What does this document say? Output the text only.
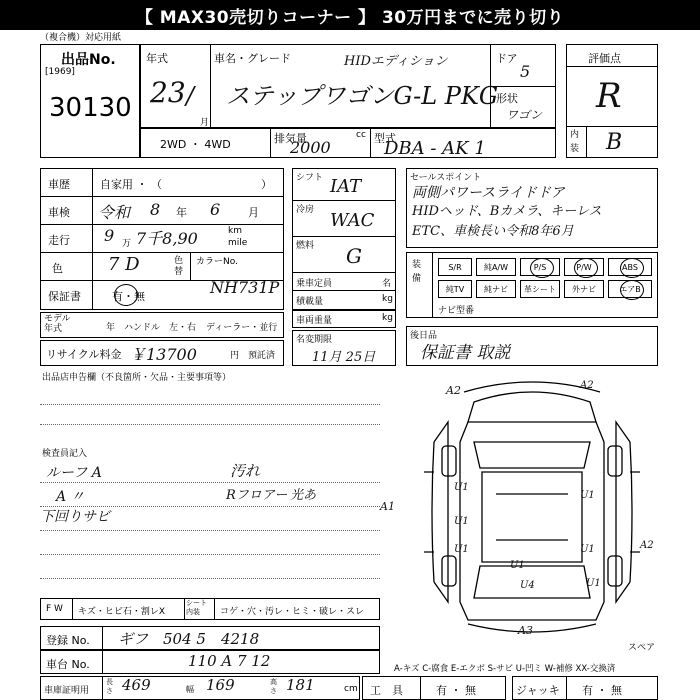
【 MAX30売切りコーナー 】 30万円までに売り切り
（複合機）対応用紙
出品No.
[1969]
30130
年式
23 /
月
車名・グレード	HIDエディション
ステップワゴンG-L PKG
ドア
5
形状
ワゴン
評価点
R
内装 B
2WD ・ 4WD	排気量	cc
2000	型式
DBA - AK 1
車歴	自家用 ・ （　　　　　　　　　）
車検 令和 8 年 6	月
走行 9 万 7千8,90	km
mile
色	7 D	色替
カラーNo.
保証書	有・無	NH731P
モデル年式	年　ハンドル　左・右 ディーラー・並行
リサイクル料金 ￥13700	円　預託済
シフト IAT
冷房 WAC
燃料 G
乗車定員	名
積載量	kg
車両重量	kg
名変期限
11月 25日
セールスポイント
両側パワースライドドア
HIDヘッド、Bカメラ、キーレス
ETC、車検長い令和8年6月
装備
S/R	純A/W	P/S	P/W	ABS
純TV	純ナビ	革シート	外ナビ	エアB
ナビ型番
後日品
保証書 取説
出品店申告欄（不良箇所・欠品・主要事項等）
検査員記入
ルーフ A
A 〃
下回りサビ
汚れ
Rフロアー 光あ
A2
A1
A3
U1
U1
U1
U1
U1
U1
U4	U1
A2
A2
スペア
F W キズ・ヒビ石・割レX
シート内装	コゲ・穴・汚レ・ヒミ・破レ・スレ
登録 No. ギフ　504 5　4218
車台 No.	110 A 7 12	A-キズ C-腐食 E-エクボ S-サビ U-凹ミ W-補修 XX-交換済
車庫証明用
長さ 469	幅 169	高さ 181	cm 工　具	有 ・ 無	ジャッキ 有 ・ 無
